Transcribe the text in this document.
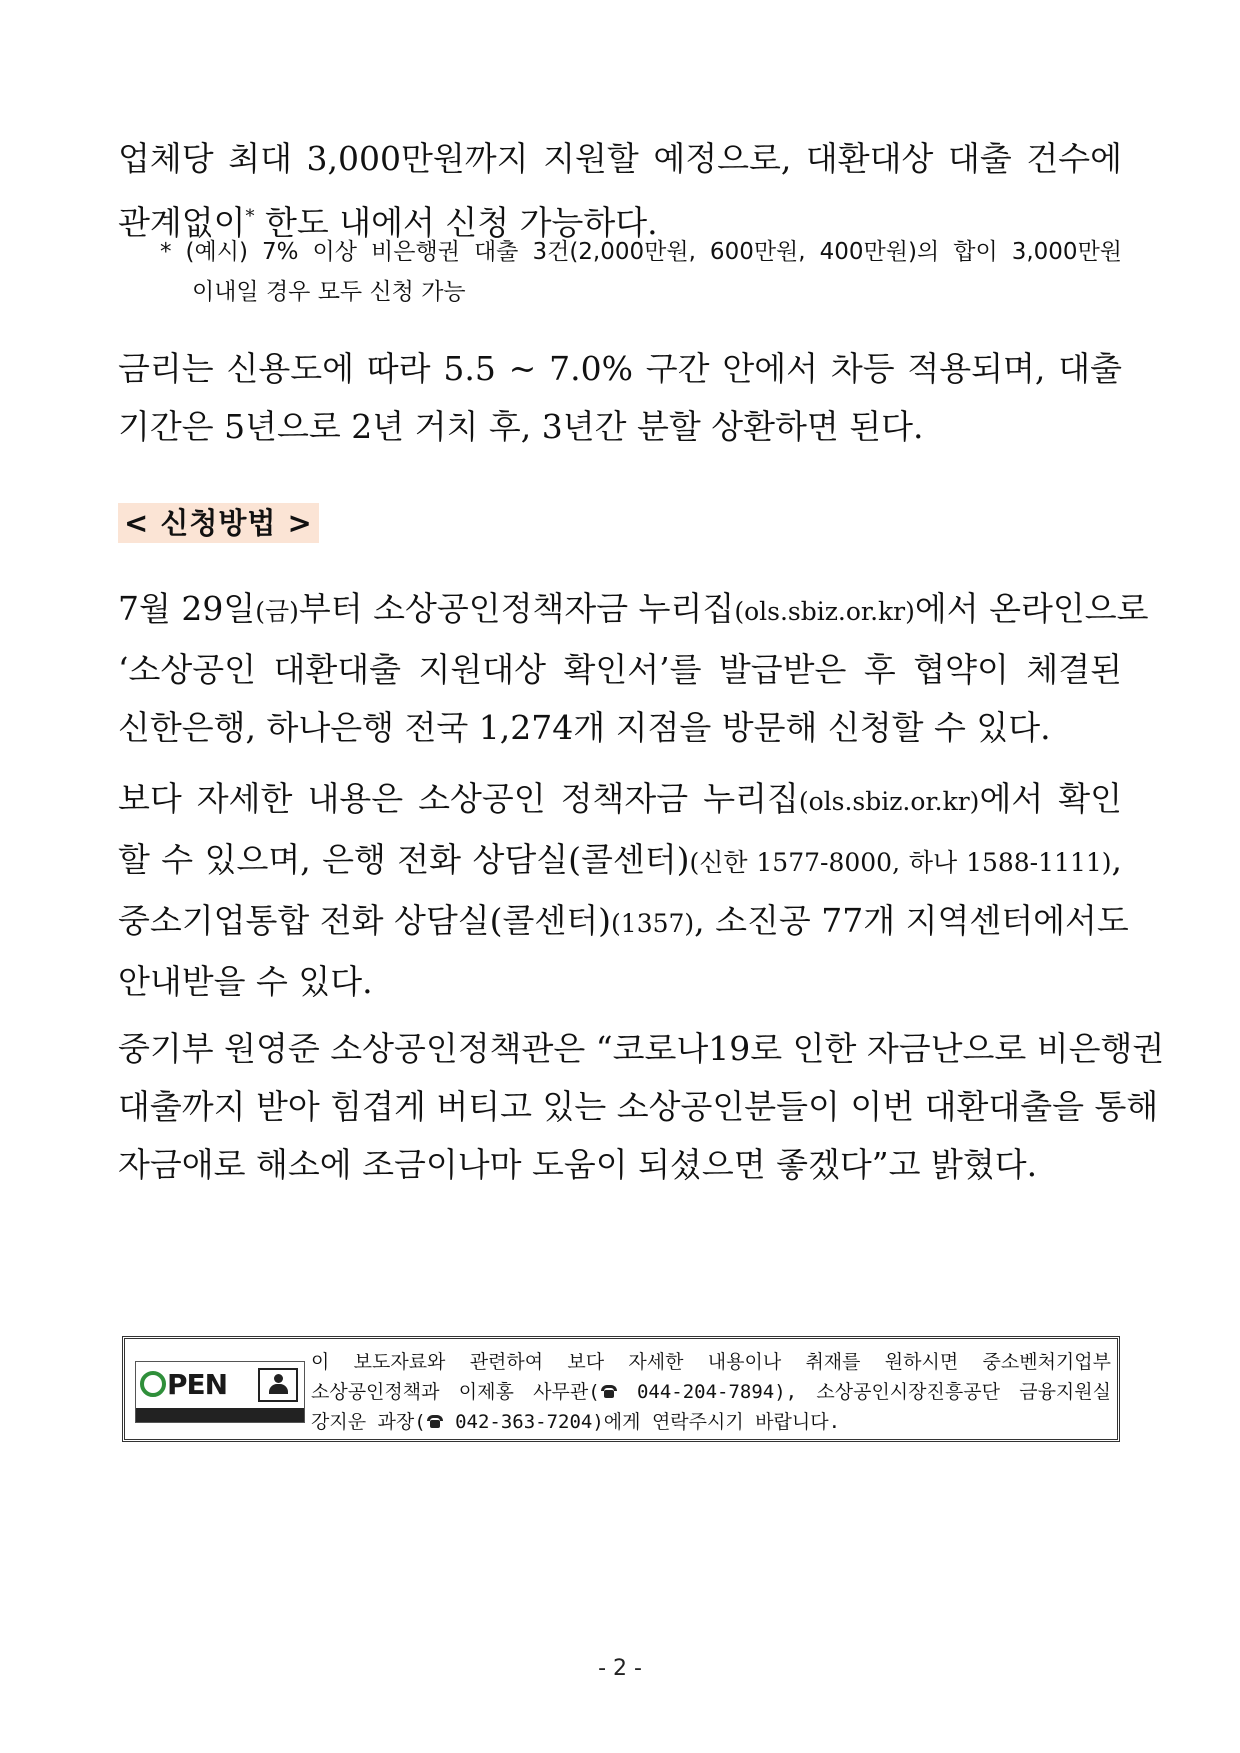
업체당 최대 3,000만원까지 지원할 예정으로, 대환대상 대출 건수에
관계없이* 한도 내에서 신청 가능하다.
* (예시) 7% 이상 비은행권 대출 3건(2,000만원, 600만원, 400만원)의 합이 3,000만원
이내일 경우 모두 신청 가능
금리는 신용도에 따라 5.5 ~ 7.0% 구간 안에서 차등 적용되며, 대출
기간은 5년으로 2년 거치 후, 3년간 분할 상환하면 된다.
< 신청방법 >
7월 29일(금)부터 소상공인정책자금 누리집(ols.sbiz.or.kr)에서 온라인으로
‘소상공인 대환대출 지원대상 확인서’를 발급받은 후 협약이 체결된
신한은행, 하나은행 전국 1,274개 지점을 방문해 신청할 수 있다.
보다 자세한 내용은 소상공인 정책자금 누리집(ols.sbiz.or.kr)에서 확인
할 수 있으며, 은행 전화 상담실(콜센터)(신한 1577-8000, 하나 1588-1111),
중소기업통합 전화 상담실(콜센터)(1357), 소진공 77개 지역센터에서도
안내받을 수 있다.
중기부 원영준 소상공인정책관은 “코로나19로 인한 자금난으로 비은행권
대출까지 받아 힘겹게 버티고 있는 소상공인분들이 이번 대환대출을 통해
자금애로 해소에 조금이나마 도움이 되셨으면 좋겠다”고 밝혔다.
PEN
이 보도자료와 관련하여 보다 자세한 내용이나 취재를 원하시면 중소벤처기업부
소상공인정책과 이제홍 사무관( 044-204-7894), 소상공인시장진흥공단 금융지원실
강지운 과장( 042-363-7204)에게 연락주시기 바랍니다.
- 2 -
